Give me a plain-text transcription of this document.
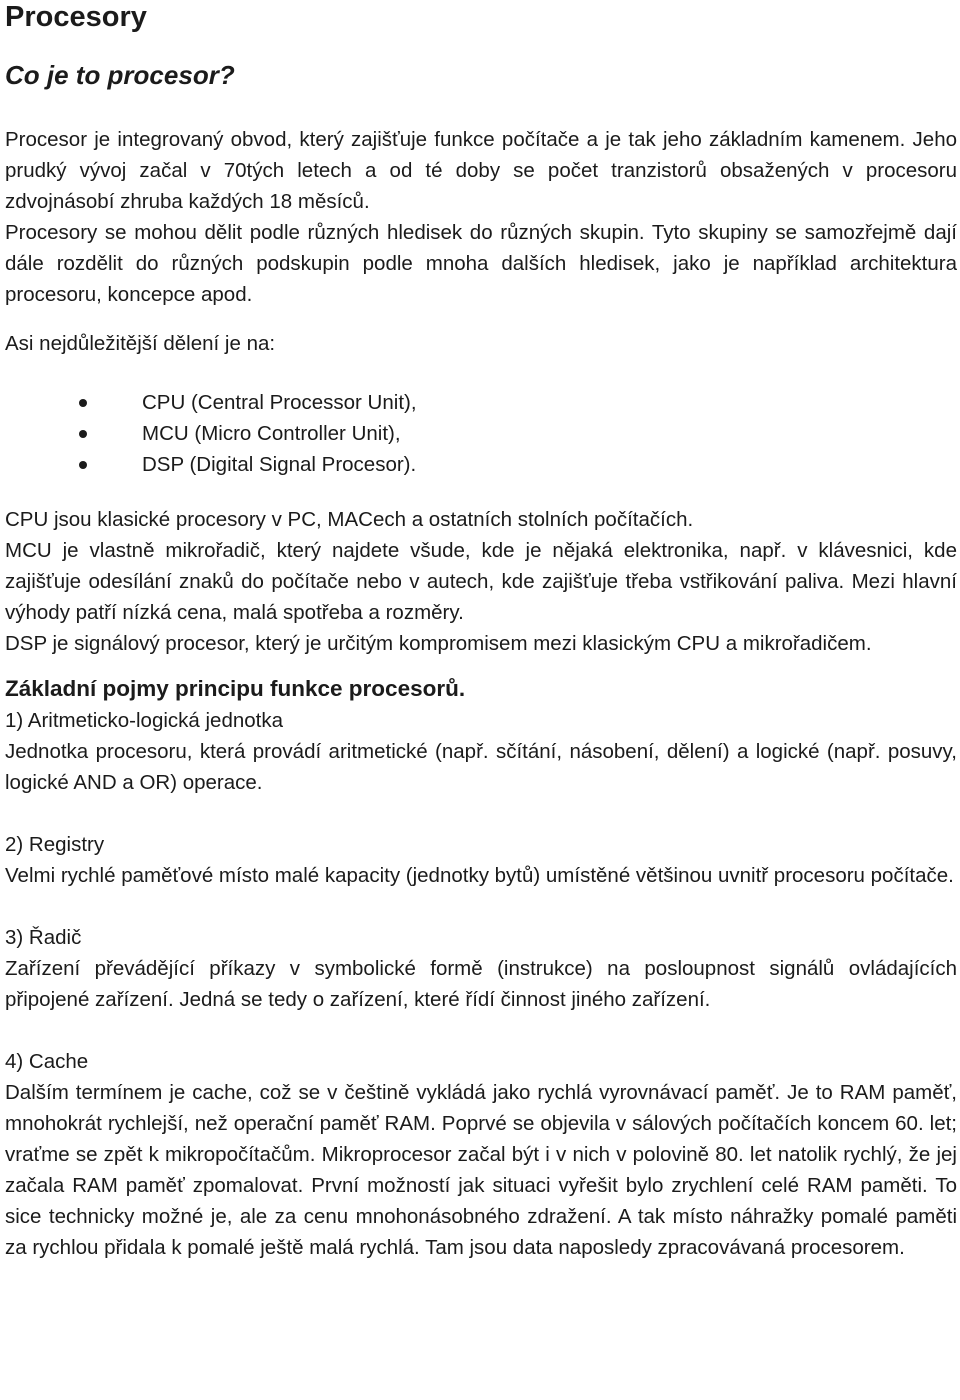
Procesory
Co je to procesor?

Procesor je integrovaný obvod, který zajišťuje funkce počítače a je tak jeho základním kamenem. Jeho prudký vývoj začal v 70tých letech a od té doby se počet tranzistorů obsažených v procesoru zdvojnásobí zhruba každých 18 měsíců.

Procesory se mohou dělit podle různých hledisek do různých skupin. Tyto skupiny se samozřejmě dají dále rozdělit do různých podskupin podle mnoha dalších hledisek, jako je například architektura procesoru, koncepce apod.

Asi nejdůležitější dělení je na:

CPU (Central Processor Unit),
MCU (Micro Controller Unit),
DSP (Digital Signal Procesor).

CPU jsou klasické procesory v PC, MACech a ostatních stolních počítačích.

MCU je vlastně mikrořadič, který najdete všude, kde je nějaká elektronika, např. v klávesnici, kde zajišťuje odesílání znaků do počítače nebo v autech, kde zajišťuje třeba vstřikování paliva. Mezi hlavní výhody patří nízká cena, malá spotřeba a rozměry.

DSP je signálový procesor, který je určitým kompromisem mezi klasickým CPU a mikrořadičem.

Základní pojmy principu funkce procesorů.
1) Aritmeticko-logická jednotka

Jednotka procesoru, která provádí aritmetické (např. sčítání, násobení, dělení) a logické (např. posuvy, logické AND a OR) operace.

2) Registry

Velmi rychlé paměťové místo malé kapacity (jednotky bytů) umístěné většinou uvnitř procesoru počítače.

3) Řadič

Zařízení převádějící příkazy v symbolické formě (instrukce) na posloupnost signálů ovládajících připojené zařízení. Jedná se tedy o zařízení, které řídí činnost jiného zařízení.

4) Cache

Dalším termínem je cache, což se v češtině vykládá jako rychlá vyrovnávací paměť. Je to RAM paměť, mnohokrát rychlejší, než operační paměť RAM. Poprvé se objevila v sálových počítačích koncem 60. let; vraťme se zpět k mikropočítačům. Mikroprocesor začal být i v nich v polovině 80. let natolik rychlý, že jej začala RAM paměť zpomalovat. První možností jak situaci vyřešit bylo zrychlení celé RAM paměti. To sice technicky možné je, ale za cenu mnohonásobného zdražení. A tak místo náhražky pomalé paměti za rychlou přidala k pomalé ještě malá rychlá. Tam jsou data naposledy zpracovávaná procesorem.
